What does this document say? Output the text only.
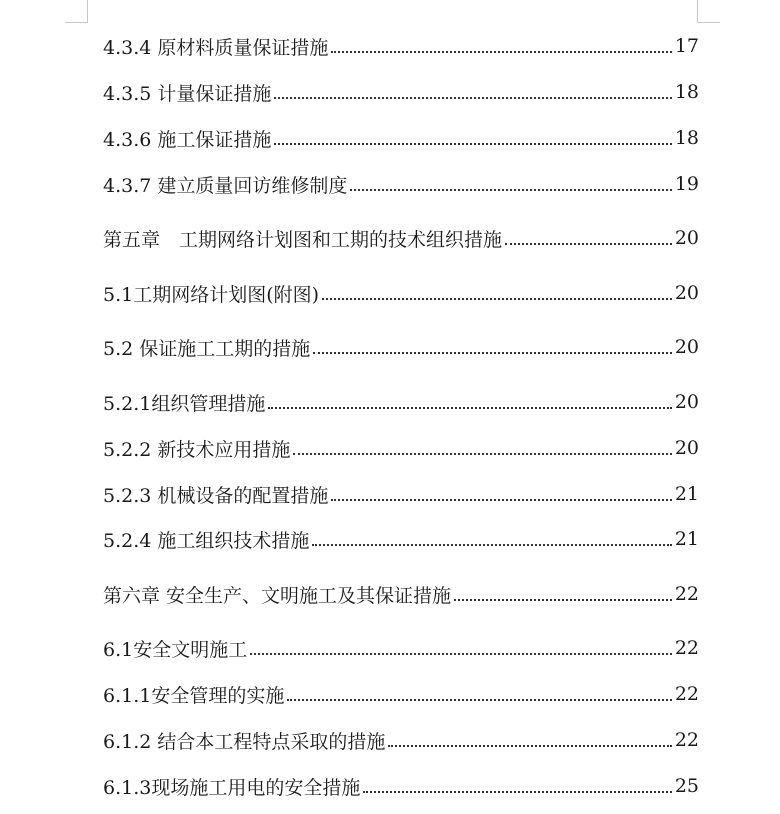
4.3.4 原材料质量保证措施	17
4.3.5 计量保证措施	18
4.3.6 施工保证措施	18
4.3.7 建立质量回访维修制度	19
第五章　工期网络计划图和工期的技术组织措施	20
5.1工期网络计划图(附图)	20
5.2 保证施工工期的措施	20
5.2.1组织管理措施	20
5.2.2 新技术应用措施	20
5.2.3 机械设备的配置措施	21
5.2.4 施工组织技术措施	21
第六章 安全生产、文明施工及其保证措施	22
6.1安全文明施工	22
6.1.1安全管理的实施	22
6.1.2 结合本工程特点采取的措施	22
6.1.3现场施工用电的安全措施	25
